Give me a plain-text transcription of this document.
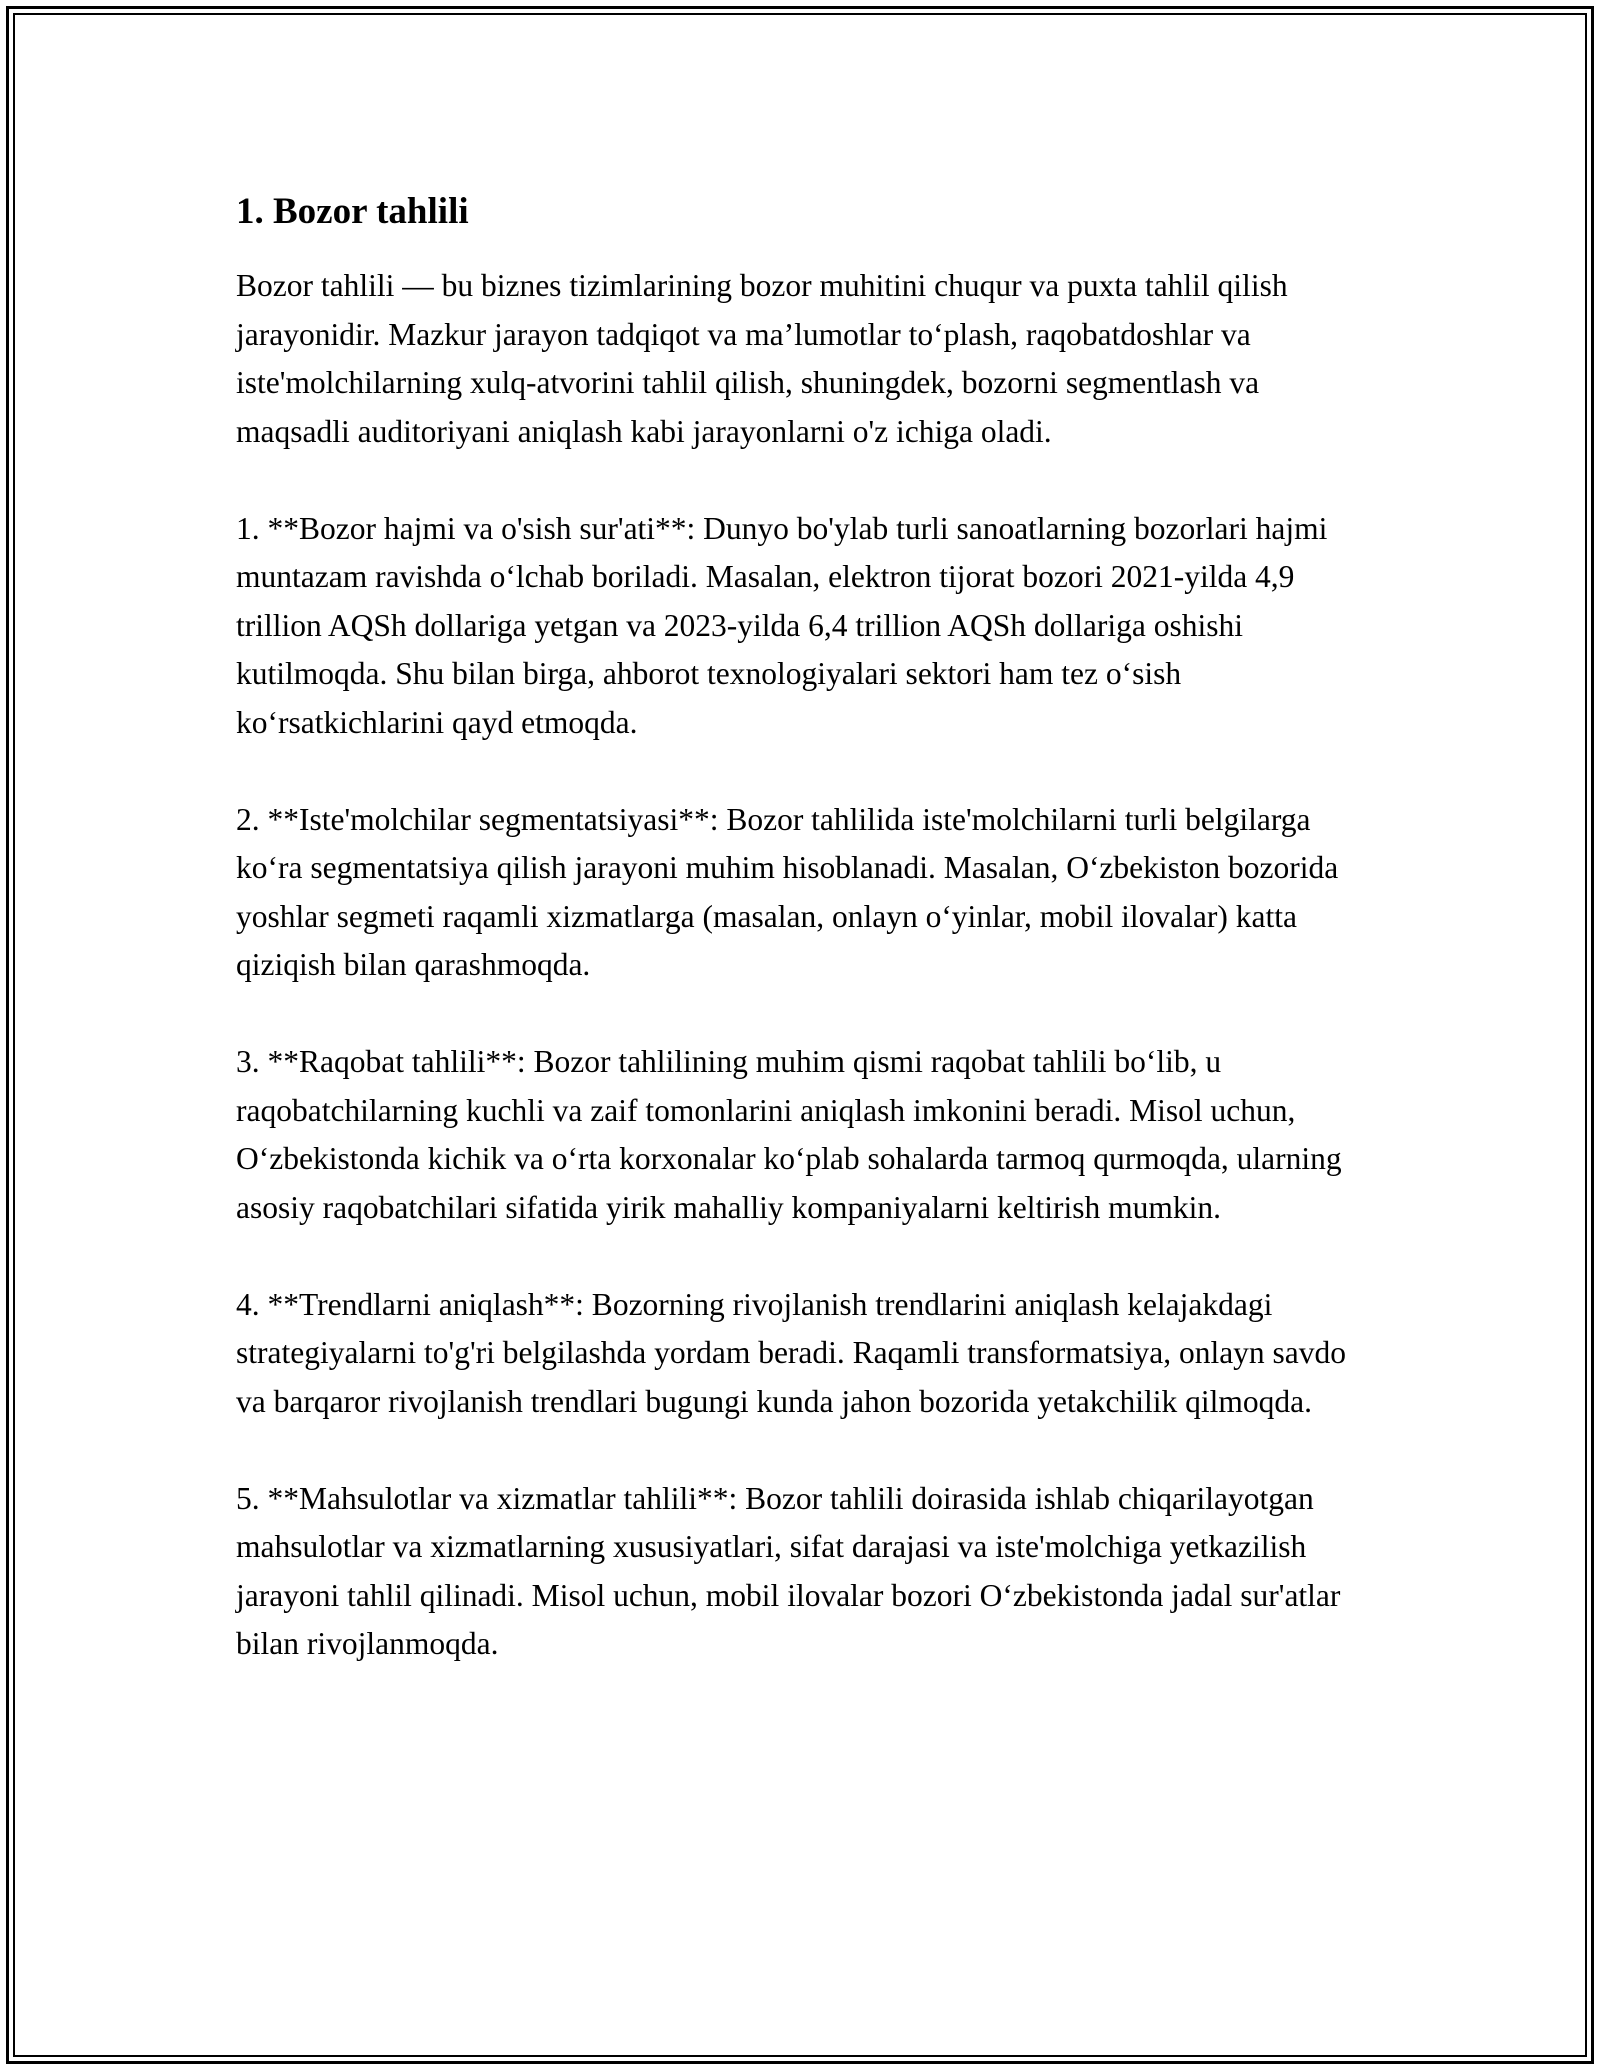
1. Bozor tahlili

Bozor tahlili — bu biznes tizimlarining bozor muhitini chuqur va puxta tahlil qilish jarayonidir. Mazkur jarayon tadqiqot va ma’lumotlar to‘plash, raqobatdoshlar va iste'molchilarning xulq-atvorini tahlil qilish, shuningdek, bozorni segmentlash va maqsadli auditoriyani aniqlash kabi jarayonlarni o'z ichiga oladi.

1. **Bozor hajmi va o'sish sur'ati**: Dunyo bo'ylab turli sanoatlarning bozorlari hajmi muntazam ravishda o‘lchab boriladi. Masalan, elektron tijorat bozori 2021-yilda 4,9 trillion AQSh dollariga yetgan va 2023-yilda 6,4 trillion AQSh dollariga oshishi kutilmoqda. Shu bilan birga, ahborot texnologiyalari sektori ham tez o‘sish ko‘rsatkichlarini qayd etmoqda.

2. **Iste'molchilar segmentatsiyasi**: Bozor tahlilida iste'molchilarni turli belgilarga ko‘ra segmentatsiya qilish jarayoni muhim hisoblanadi. Masalan, O‘zbekiston bozorida yoshlar segmeti raqamli xizmatlarga (masalan, onlayn o‘yinlar, mobil ilovalar) katta qiziqish bilan qarashmoqda.

3. **Raqobat tahlili**: Bozor tahlilining muhim qismi raqobat tahlili bo‘lib, u raqobatchilarning kuchli va zaif tomonlarini aniqlash imkonini beradi. Misol uchun, O‘zbekistonda kichik va o‘rta korxonalar ko‘plab sohalarda tarmoq qurmoqda, ularning asosiy raqobatchilari sifatida yirik mahalliy kompaniyalarni keltirish mumkin.

4. **Trendlarni aniqlash**: Bozorning rivojlanish trendlarini aniqlash kelajakdagi strategiyalarni to'g'ri belgilashda yordam beradi. Raqamli transformatsiya, onlayn savdo va barqaror rivojlanish trendlari bugungi kunda jahon bozorida yetakchilik qilmoqda.

5. **Mahsulotlar va xizmatlar tahlili**: Bozor tahlili doirasida ishlab chiqarilayotgan mahsulotlar va xizmatlarning xususiyatlari, sifat darajasi va iste'molchiga yetkazilish jarayoni tahlil qilinadi. Misol uchun, mobil ilovalar bozori O‘zbekistonda jadal sur'atlar bilan rivojlanmoqda.
